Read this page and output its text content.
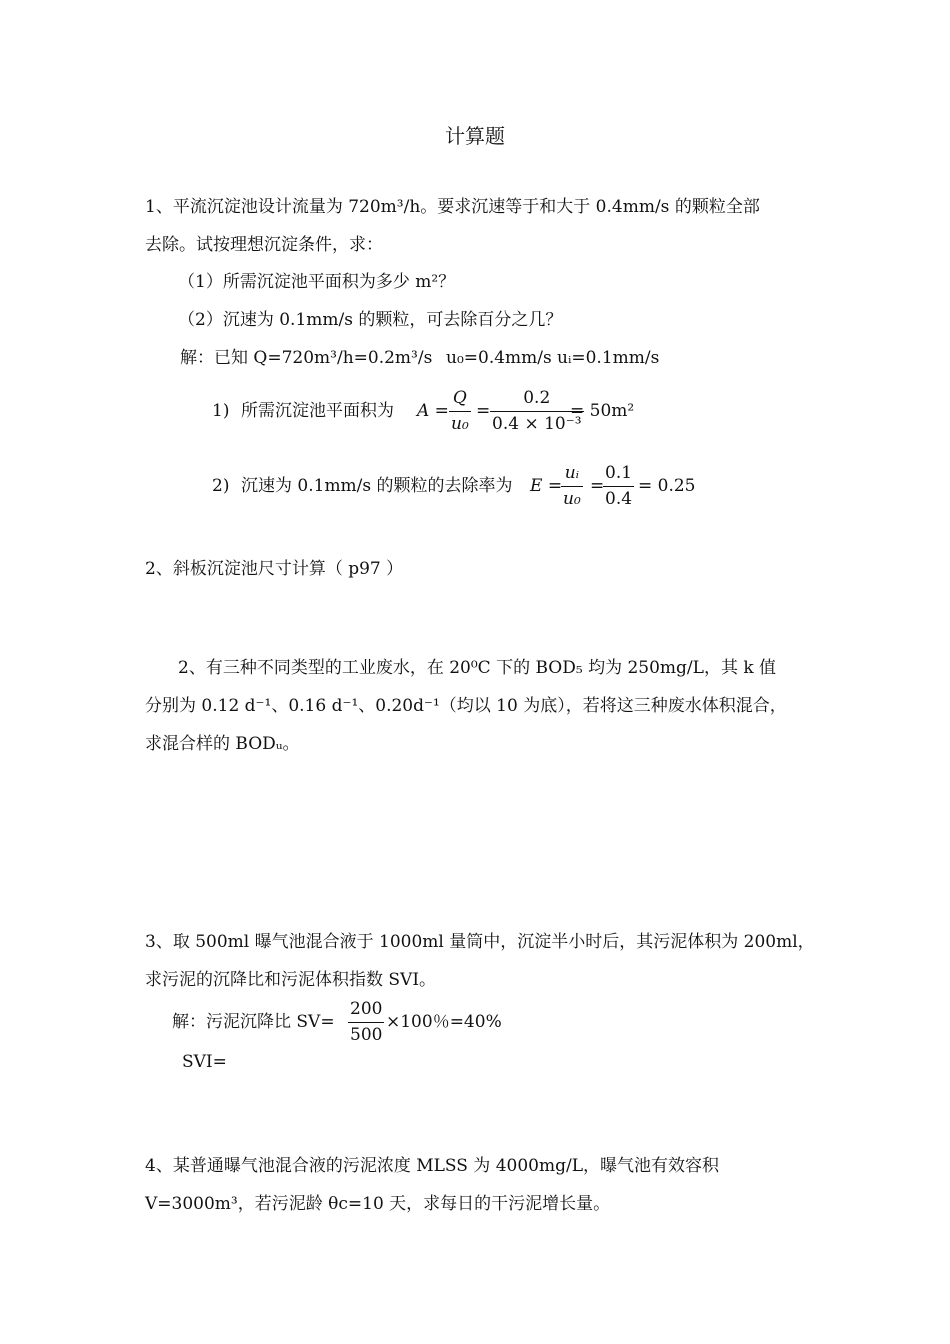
计算题
1、平流沉淀池设计流量为 720m³/h。要求沉速等于和大于 0.4mm/s 的颗粒全部
去除。试按理想沉淀条件，求：
（1）所需沉淀池平面积为多少 m²？
（2）沉速为 0.1mm/s 的颗粒，可去除百分之几？
解：已知 Q=720m³/h=0.2m³/s u₀=0.4mm/s uᵢ=0.1mm/s
1) 所需沉淀池平面积为 A =
Q
u₀
=
0.2
0.4 × 10⁻³
= 50m²
2) 沉速为 0.1mm/s 的颗粒的去除率为 E =
uᵢ
u₀
=
0.1
0.4
= 0.25
2、斜板沉淀池尺寸计算（ p97 ）
2、有三种不同类型的工业废水，在 20⁰C 下的 BOD₅ 均为 250mg/L，其 k 值
分别为 0.12 d⁻¹、0.16 d⁻¹、0.20d⁻¹（均以 10 为底），若将这三种废水体积混合，
求混合样的 BODᵤ。
3、取 500ml 曝气池混合液于 1000ml 量筒中，沉淀半小时后，其污泥体积为 200ml，
求污泥的沉降比和污泥体积指数 SVI。
解：污泥沉降比 SV=
200
500
×100％=40%
SVI=
4、某普通曝气池混合液的污泥浓度 MLSS 为 4000mg/L，曝气池有效容积
V=3000m³，若污泥龄 θc=10 天，求每日的干污泥增长量。
